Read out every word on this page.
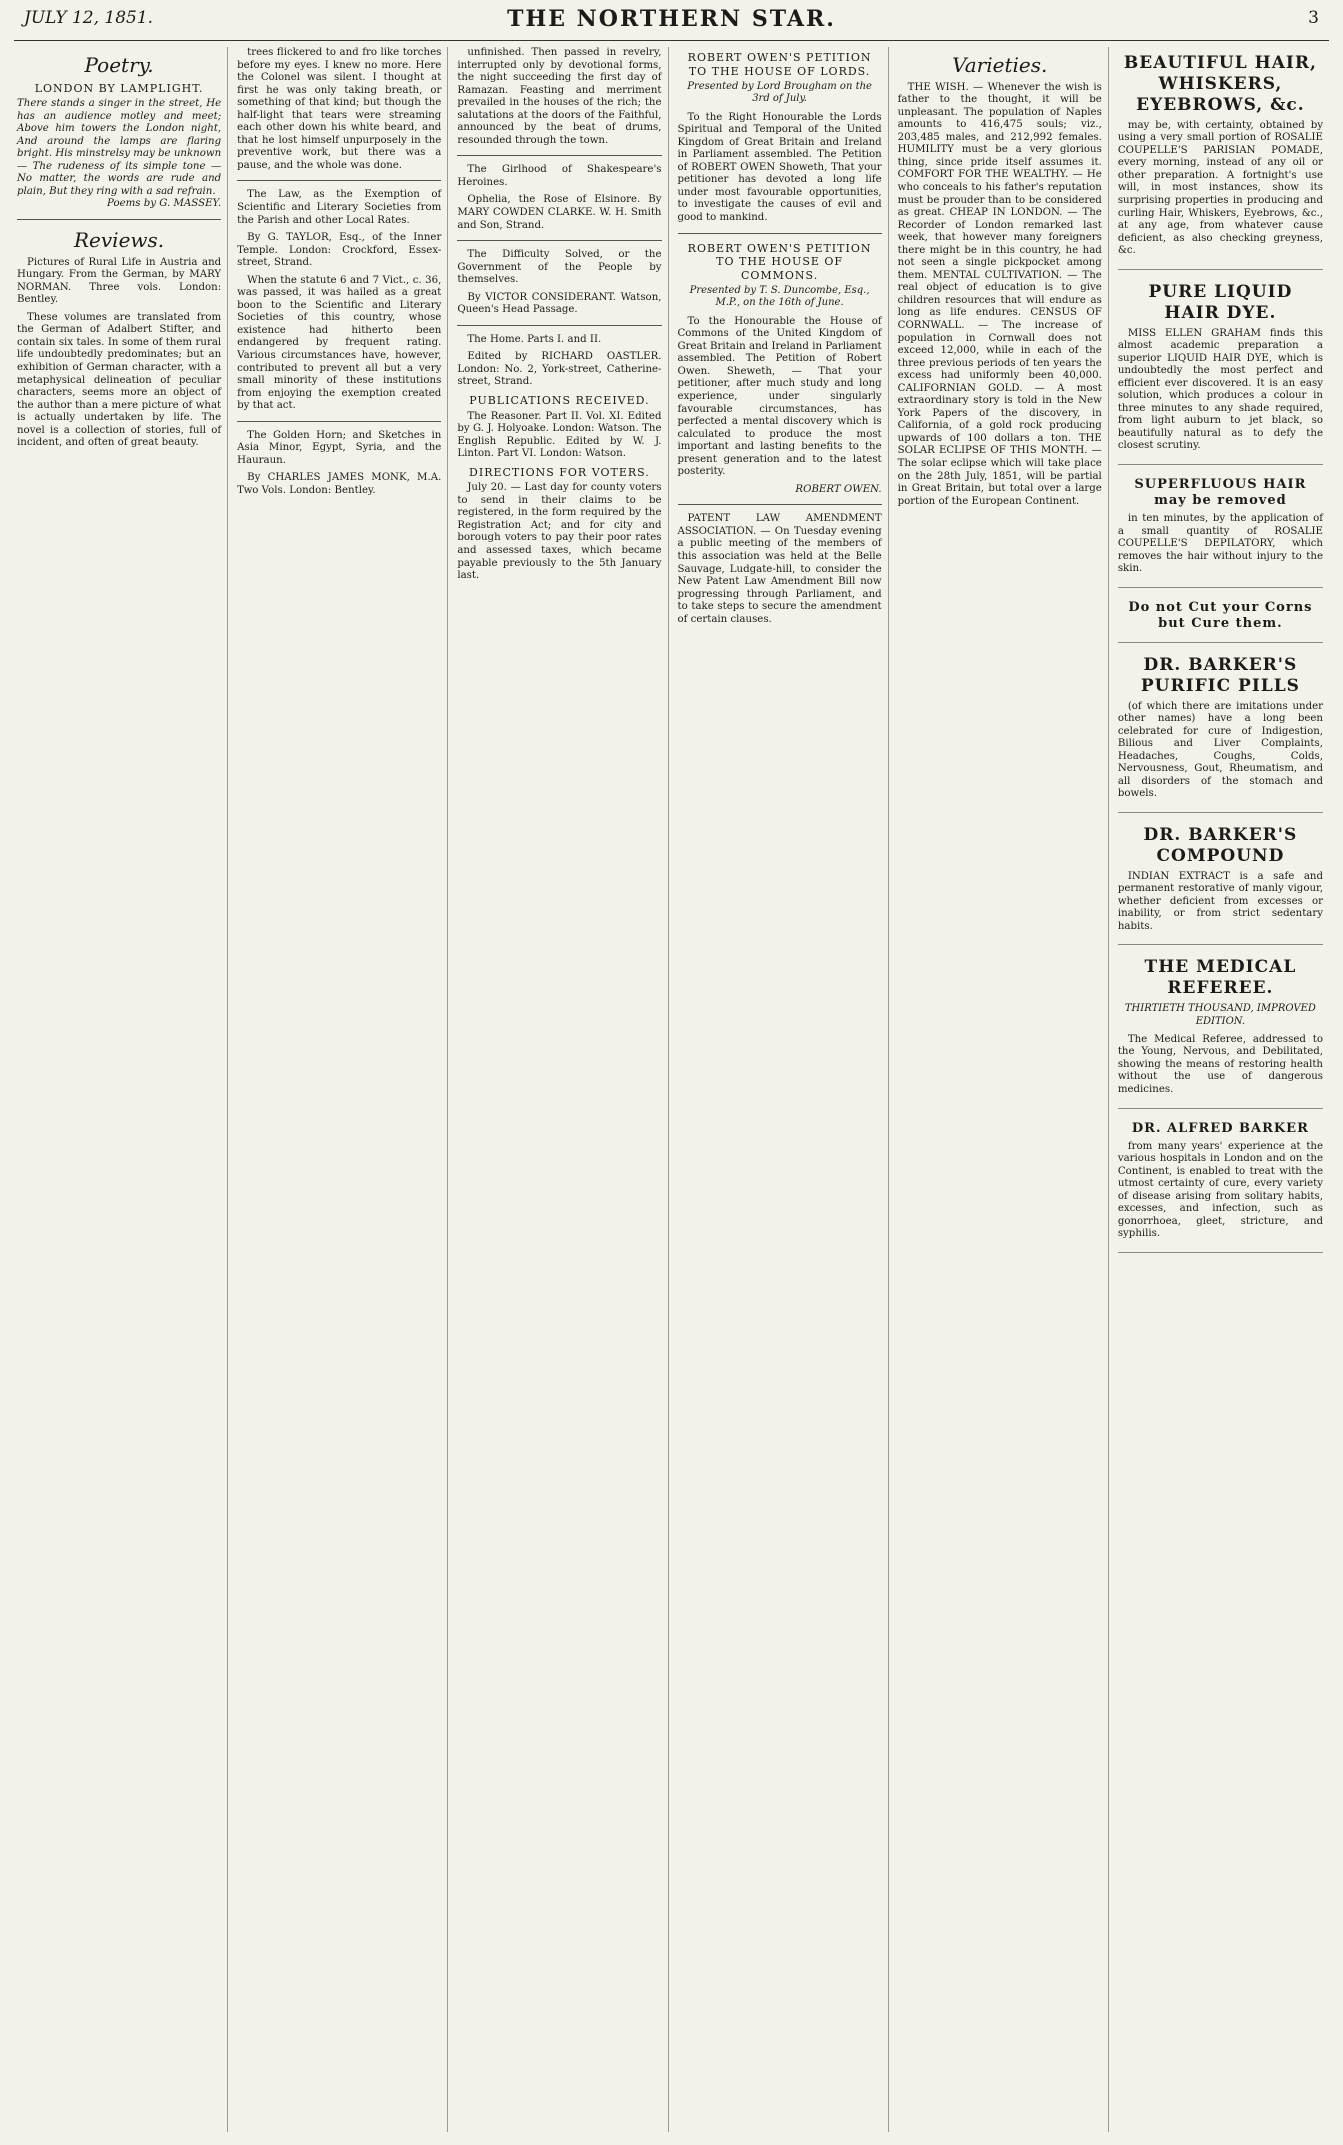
JULY 12, 1851.	THE NORTHERN STAR.	3
Poetry.
LONDON BY LAMPLIGHT.

There stands a singer in the street, He has an audience motley and meet; Above him towers the London night, And around the lamps are flaring bright. His minstrelsy may be unknown — The rudeness of its simple tone — No matter, the words are rude and plain, But they ring with a sad refrain.

Poems by G. MASSEY.

Reviews.

Pictures of Rural Life in Austria and Hungary. From the German, by MARY NORMAN. Three vols. London: Bentley.

These volumes are translated from the German of Adalbert Stifter, and contain six tales. In some of them rural life undoubtedly predominates; but an exhibition of German character, with a metaphysical delineation of peculiar characters, seems more an object of the author than a mere picture of what is actually undertaken by life. The novel is a collection of stories, full of incident, and often of great beauty.

trees flickered to and fro like torches before my eyes. I knew no more. Here the Colonel was silent. I thought at first he was only taking breath, or something of that kind; but though the half-light that tears were streaming each other down his white beard, and that he lost himself unpurposely in the preventive work, but there was a pause, and the whole was done.

The Law, as the Exemption of Scientific and Literary Societies from the Parish and other Local Rates.

By G. TAYLOR, Esq., of the Inner Temple. London: Crockford, Essex-street, Strand.

When the statute 6 and 7 Vict., c. 36, was passed, it was hailed as a great boon to the Scientific and Literary Societies of this country, whose existence had hitherto been endangered by frequent rating. Various circumstances have, however, contributed to prevent all but a very small minority of these institutions from enjoying the exemption created by that act.

The Golden Horn; and Sketches in Asia Minor, Egypt, Syria, and the Hauraun.

By CHARLES JAMES MONK, M.A. Two Vols. London: Bentley.

unfinished. Then passed in revelry, interrupted only by devotional forms, the night succeeding the first day of Ramazan. Feasting and merriment prevailed in the houses of the rich; the salutations at the doors of the Faithful, announced by the beat of drums, resounded through the town.

The Girlhood of Shakespeare's Heroines.

Ophelia, the Rose of Elsinore. By MARY COWDEN CLARKE. W. H. Smith and Son, Strand.

The Difficulty Solved, or the Government of the People by themselves.

By VICTOR CONSIDERANT. Watson, Queen's Head Passage.

The Home. Parts I. and II.

Edited by RICHARD OASTLER. London: No. 2, York-street, Catherine-street, Strand.

PUBLICATIONS RECEIVED.

The Reasoner. Part II. Vol. XI. Edited by G. J. Holyoake. London: Watson. The English Republic. Edited by W. J. Linton. Part VI. London: Watson.

DIRECTIONS FOR VOTERS.

July 20. — Last day for county voters to send in their claims to be registered, in the form required by the Registration Act; and for city and borough voters to pay their poor rates and assessed taxes, which became payable previously to the 5th January last.

ROBERT OWEN'S PETITION TO THE HOUSE OF LORDS.
Presented by Lord Brougham on the 3rd of July.

To the Right Honourable the Lords Spiritual and Temporal of the United Kingdom of Great Britain and Ireland in Parliament assembled. The Petition of ROBERT OWEN Showeth, That your petitioner has devoted a long life under most favourable opportunities, to investigate the causes of evil and good to mankind.

ROBERT OWEN'S PETITION TO THE HOUSE OF COMMONS.
Presented by T. S. Duncombe, Esq., M.P., on the 16th of June.

To the Honourable the House of Commons of the United Kingdom of Great Britain and Ireland in Parliament assembled. The Petition of Robert Owen. Sheweth, — That your petitioner, after much study and long experience, under singularly favourable circumstances, has perfected a mental discovery which is calculated to produce the most important and lasting benefits to the present generation and to the latest posterity.

ROBERT OWEN.

PATENT LAW AMENDMENT ASSOCIATION. — On Tuesday evening a public meeting of the members of this association was held at the Belle Sauvage, Ludgate-hill, to consider the New Patent Law Amendment Bill now progressing through Parliament, and to take steps to secure the amendment of certain clauses.

Varieties.

THE WISH. — Whenever the wish is father to the thought, it will be unpleasant. The population of Naples amounts to 416,475 souls; viz., 203,485 males, and 212,992 females. HUMILITY must be a very glorious thing, since pride itself assumes it. COMFORT FOR THE WEALTHY. — He who conceals to his father's reputation must be prouder than to be considered as great. CHEAP IN LONDON. — The Recorder of London remarked last week, that however many foreigners there might be in this country, he had not seen a single pickpocket among them. MENTAL CULTIVATION. — The real object of education is to give children resources that will endure as long as life endures. CENSUS OF CORNWALL. — The increase of population in Cornwall does not exceed 12,000, while in each of the three previous periods of ten years the excess had uniformly been 40,000. CALIFORNIAN GOLD. — A most extraordinary story is told in the New York Papers of the discovery, in California, of a gold rock producing upwards of 100 dollars a ton. THE SOLAR ECLIPSE OF THIS MONTH. — The solar eclipse which will take place on the 28th July, 1851, will be partial in Great Britain, but total over a large portion of the European Continent.

BEAUTIFUL HAIR, WHISKERS, EYEBROWS, &c.

may be, with certainty, obtained by using a very small portion of ROSALIE COUPELLE'S PARISIAN POMADE, every morning, instead of any oil or other preparation. A fortnight's use will, in most instances, show its surprising properties in producing and curling Hair, Whiskers, Eyebrows, &c., at any age, from whatever cause deficient, as also checking greyness, &c.

PURE LIQUID HAIR DYE.

MISS ELLEN GRAHAM finds this almost academic preparation a superior LIQUID HAIR DYE, which is undoubtedly the most perfect and efficient ever discovered. It is an easy solution, which produces a colour in three minutes to any shade required, from light auburn to jet black, so beautifully natural as to defy the closest scrutiny.

SUPERFLUOUS HAIR may be removed

in ten minutes, by the application of a small quantity of ROSALIE COUPELLE'S DEPILATORY, which removes the hair without injury to the skin.

Do not Cut your Corns but Cure them.
DR. BARKER'S PURIFIC PILLS

(of which there are imitations under other names) have a long been celebrated for cure of Indigestion, Bilious and Liver Complaints, Headaches, Coughs, Colds, Nervousness, Gout, Rheumatism, and all disorders of the stomach and bowels.

DR. BARKER'S COMPOUND

INDIAN EXTRACT is a safe and permanent restorative of manly vigour, whether deficient from excesses or inability, or from strict sedentary habits.

THE MEDICAL REFEREE.
THIRTIETH THOUSAND, IMPROVED EDITION.

The Medical Referee, addressed to the Young, Nervous, and Debilitated, showing the means of restoring health without the use of dangerous medicines.

DR. ALFRED BARKER

from many years' experience at the various hospitals in London and on the Continent, is enabled to treat with the utmost certainty of cure, every variety of disease arising from solitary habits, excesses, and infection, such as gonorrhoea, gleet, stricture, and syphilis.
